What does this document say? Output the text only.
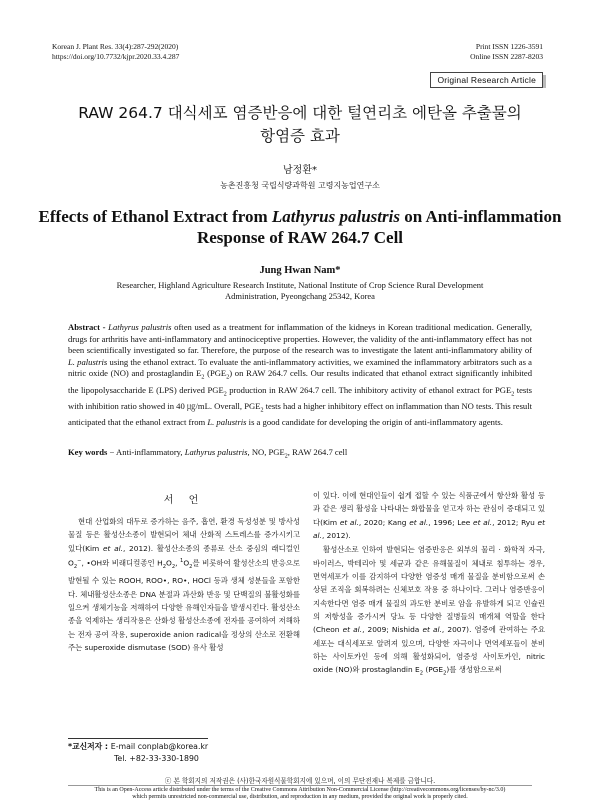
Korean J. Plant Res. 33(4):287-292(2020)
https://doi.org/10.7732/kjpr.2020.33.4.287
Print ISSN 1226-3591
Online ISSN 2287-8203
Original Research Article
RAW 264.7 대식세포 염증반응에 대한 털연리초 에탄올 추출물의
항염증 효과
남정환*
농촌진흥청 국립식량과학원 고령지농업연구소
Effects of Ethanol Extract from Lathyrus palustris on Anti-inflammation
Response of RAW 264.7 Cell
Jung Hwan Nam*
Researcher, Highland Agriculture Research Institute, National Institute of Crop Science Rural Development
Administration, Pyeongchang 25342, Korea
Abstract - Lathyrus palustris often used as a treatment for inflammation of the kidneys in Korean traditional medication. Generally, drugs for arthritis have anti-inflammatory and antinociceptive properties. However, the validity of the anti-inflammatory effect has not been scientifically investigated so far. Therefore, the purpose of the research was to investigate the latent anti-inflammatory ability of L. palustris using the ethanol extract. To evaluate the anti-inflammatory activities, we examined the inflammatory arbitrators such as a nitric oxide (NO) and prostaglandin $E_2$ $(PGE_2)$ on RAW 264.7 cells. Our results indicated that ethanol extract significantly inhibited the lipopolysaccharide E (LPS) derived $PGE_2$ production in RAW 264.7 cell. The inhibitory activity of ethanol extract for $PGE_2$ tests with inhibition ratio showed in 40 ㎍/mL. Overall, $PGE_2$ tests had a higher inhibitory effect on inflammation than NO tests. This result anticipated that the ethanol extract from L. palustris is a good candidate for developing the origin of anti-inflammatory agents.
Key words − Anti-inflammatory, Lathyrus palustris, NO, $PGE_2$, RAW 264.7 cell
서 언

현대 산업화의 대두로 증가하는 음주, 흡연, 환경 독성성분 및 방사성 물질 등은 활성산소종이 발현되어 체내 산화적 스트레스를 증가시키고 있다(Kim et al., 2012). 활성산소종의 종류로 산소 중심의 래디컬인 $O_2^-$, •OH와 비래디컬종인 $H_2O_2$, $^1O_2$를 비롯하여 활성산소의 반응으로 발현될 수 있는 ROOH, ROO•, RO•, HOCl 등과 생체 성분들을 포함한다. 체내활성산소종은 DNA 분절과 과산화 반응 및 단백질의 불활성화를 일으켜 생체기능을 저해하여 다양한 유해인자들을 발생시킨다. 활성산소종을 억제하는 생리작용은 산화성 활성산소종에 전자를 공여하여 저해하는 전자 공여 작용, superoxide anion radical을 정상의 산소로 전환해주는 superoxide dismutase (SOD) 유사 활성

이 있다. 이에 현대인들이 쉽게 접할 수 있는 식품군에서 항산화 활성 등과 같은 생리 활성을 나타내는 화합물을 얻고자 하는 관심이 증대되고 있다(Kim et al., 2020; Kang et al., 1996; Lee et al., 2012; Ryu et al., 2012).

활성산소로 인하여 발현되는 염증반응은 외부의 물리 · 화학적 자극, 바이러스, 박테리아 및 세균과 같은 유해물질이 체내로 침투하는 경우, 면역세포가 이를 감지하여 다양한 염증성 매개 물질을 분비함으로써 손상된 조직을 회복하려는 신체보호 작용 중 하나이다. 그러나 염증반응이 지속한다면 염증 매개 물질의 과도한 분비로 암을 유발하게 되고 인슐린의 저항성을 증가시켜 당뇨 등 다양한 질병들의 매개체 역할을 한다(Cheon et al., 2009; Nishida et al., 2007). 염증에 관여하는 주요 세포는 대식세포로 알려져 있으며, 다양한 자극이나 면역세포들이 분비하는 사이토카인 등에 의해 활성화되어, 염증성 사이토카인, nitric oxide (NO)와 prostaglandin $E_2$ $(PGE_2)$를 생성함으로써

*교신저자 : E-mail conplab@korea.kr
Tel. +82-33-330-1890
ⓒ 본 학회지의 저작권은 (사)한국자원식물학회지에 있으며, 이의 무단전재나 복제를 금합니다.
This is an Open-Access article distributed under the terms of the Creative Commons Attribution Non-Commercial License (http://creativecommons.org/licenses/by-nc/3.0)
which permits unrestricted non-commercial use, distribution, and reproduction in any medium, provided the original work is properly cited.
